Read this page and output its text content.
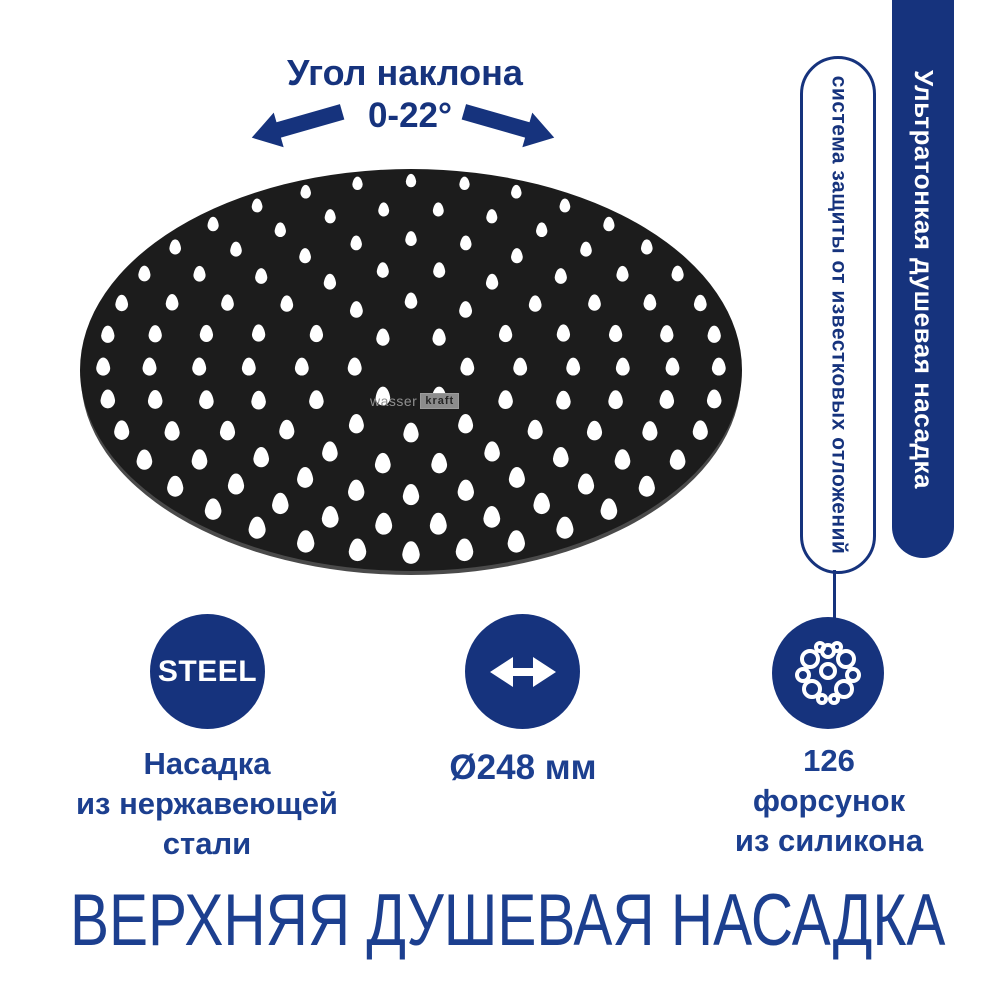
Угол наклона
0-22°
wasser kraft	система защиты от известковых отложений Ультратонкая душевая насадка
STEEL
Насадка
из нержавеющей
стали
Ø248 мм	126
форсунок
из силикона
ВЕРХНЯЯ ДУШЕВАЯ НАСАДКА
